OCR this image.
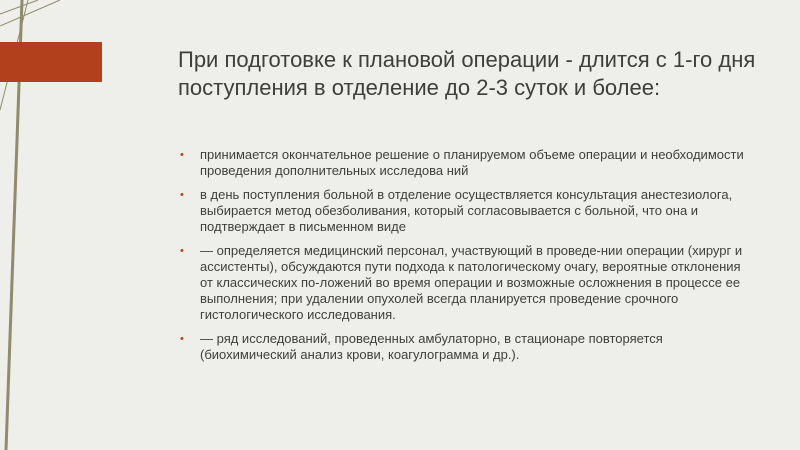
При подготовке к плановой операции - длится с 1-го дня поступления в отделение до 2-3 суток и более:
• принимается окончательное решение о планируемом объеме операции и необходимости проведения дополнительных исследова ний
• в день поступления больной в отделение осуществляется консультация анестезиолога, выбирается метод обезболивания, который согласовывается с больной, что она и подтверждает в письменном виде
• — определяется медицинский персонал, участвующий в проведе-нии операции (хирург и ассистенты), обсуждаются пути подхода к патологическому очагу, вероятные отклонения от классических по-ложений во время операции и возможные осложнения в процессе ее выполнения; при удалении опухолей всегда планируется проведение срочного гистологического исследования.
• — ряд исследований, проведенных амбулаторно, в стационаре повторяется (биохимический анализ крови, коагулограмма и др.).
